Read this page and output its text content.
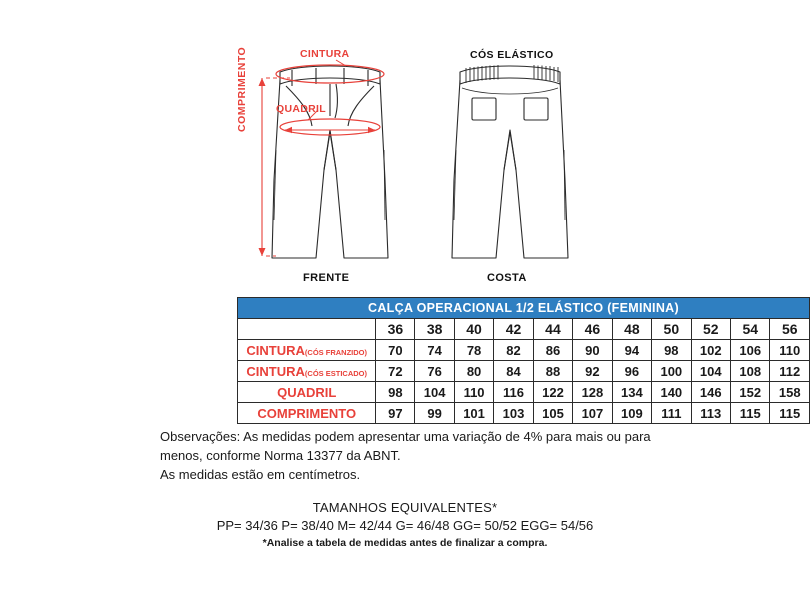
CINTURA
QUADRIL
COMPRIMENTO	CÓS ELÁSTICO
FRENTE	COSTA
CALÇA OPERACIONAL 1/2 ELÁSTICO (FEMININA)											
	36	38	40	42	44	46	48	50	52	54	56
CINTURA(CÓS FRANZIDO)	70	74	78	82	86	90	94	98	102	106	110
CINTURA(CÓS ESTICADO)	72	76	80	84	88	92	96	100	104	108	112
QUADRIL	98	104	110	116	122	128	134	140	146	152	158
COMPRIMENTO	97	99	101	103	105	107	109	111	113	115	115
Observações: As medidas podem apresentar uma variação de 4% para mais ou para menos, conforme Norma 13377 da ABNT.
As medidas estão em centímetros.
TAMANHOS EQUIVALENTES*
PP= 34/36 P= 38/40 M= 42/44 G= 46/48 GG= 50/52 EGG= 54/56
*Analise a tabela de medidas antes de finalizar a compra.
